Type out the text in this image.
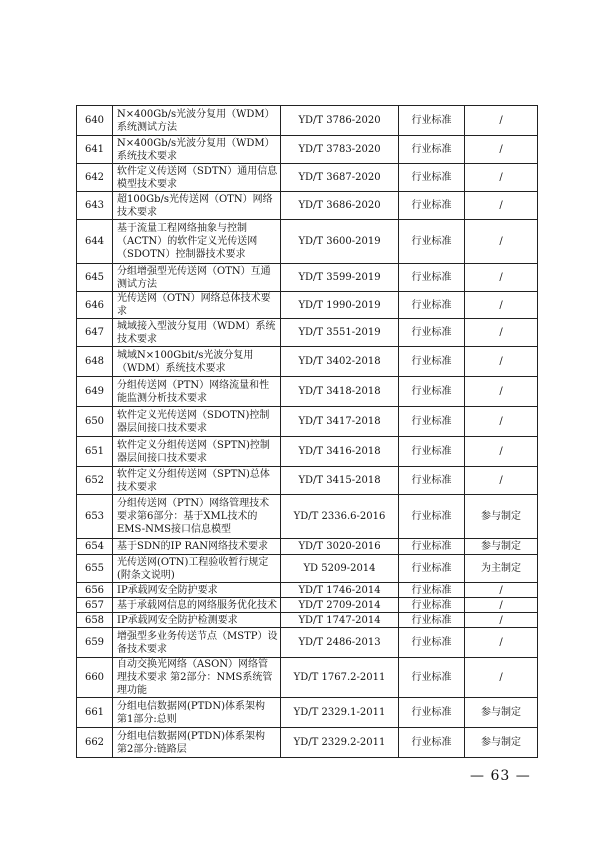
640	N×400Gb/s光波分复用（WDM）系统测试方法	YD/T 3786-2020	行业标准	/
641	N×400Gb/s光波分复用（WDM）系统技术要求	YD/T 3783-2020	行业标准	/
642	软件定义传送网（SDTN）通用信息模型技术要求	YD/T 3687-2020	行业标准	/
643	超100Gb/s光传送网（OTN）网络技术要求	YD/T 3686-2020	行业标准	/
644	基于流量工程网络抽象与控制（ACTN）的软件定义光传送网（SDOTN）控制器技术要求	YD/T 3600-2019	行业标准	/
645	分组增强型光传送网（OTN）互通测试方法	YD/T 3599-2019	行业标准	/
646	光传送网（OTN）网络总体技术要求	YD/T 1990-2019	行业标准	/
647	城域接入型波分复用（WDM）系统技术要求	YD/T 3551-2019	行业标准	/
648	城域N×100Gbit/s光波分复用（WDM）系统技术要求	YD/T 3402-2018	行业标准	/
649	分组传送网（PTN）网络流量和性能监测分析技术要求	YD/T 3418-2018	行业标准	/
650	软件定义光传送网（SDOTN)控制器层间接口技术要求	YD/T 3417-2018	行业标准	/
651	软件定义分组传送网（SPTN)控制器层间接口技术要求	YD/T 3416-2018	行业标准	/
652	软件定义分组传送网（SPTN)总体技术要求	YD/T 3415-2018	行业标准	/
653	分组传送网（PTN）网络管理技术要求第6部分：基于XML技术的EMS-NMS接口信息模型	YD/T 2336.6-2016	行业标准	参与制定
654	基于SDN的IP RAN网络技术要求	YD/T 3020-2016	行业标准	参与制定
655	光传送网(OTN)工程验收暂行规定(附条文说明)	YD 5209-2014	行业标准	为主制定
656	IP承载网安全防护要求	YD/T 1746-2014	行业标准	/
657	基于承载网信息的网络服务优化技术	YD/T 2709-2014	行业标准	/
658	IP承载网安全防护检测要求	YD/T 1747-2014	行业标准	/
659	增强型多业务传送节点（MSTP）设备技术要求	YD/T 2486-2013	行业标准	/
660	自动交换光网络（ASON）网络管理技术要求 第2部分：NMS系统管理功能	YD/T 1767.2-2011	行业标准	/
661	分组电信数据网(PTDN)体系架构 第1部分:总则	YD/T 2329.1-2011	行业标准	参与制定
662	分组电信数据网(PTDN)体系架构 第2部分:链路层	YD/T 2329.2-2011	行业标准	参与制定
— 63 —
